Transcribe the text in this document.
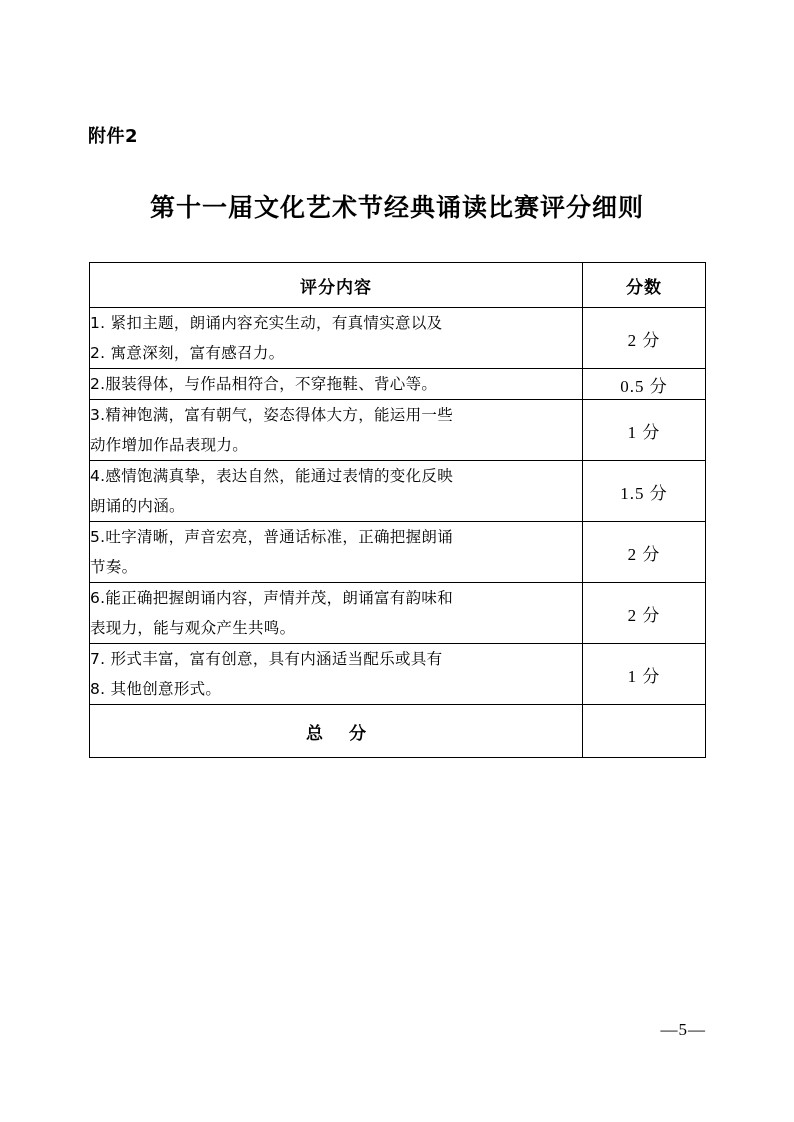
附件2
第十一届文化艺术节经典诵读比赛评分细则
评分内容	分数

1. 紧扣主题，朗诵内容充实生动，有真情实意以及
2. 寓意深刻，富有感召力。	2 分

2.服装得体，与作品相符合，不穿拖鞋、背心等。	0.5 分

3.精神饱满，富有朝气，姿态得体大方，能运用一些
动作增加作品表现力。	1 分

4.感情饱满真挚，表达自然，能通过表情的变化反映
朗诵的内涵。	1.5 分

5.吐字清晰，声音宏亮，普通话标准，正确把握朗诵
节奏。	2 分

6.能正确把握朗诵内容，声情并茂，朗诵富有韵味和
表现力，能与观众产生共鸣。	2 分

7. 形式丰富，富有创意，具有内涵适当配乐或具有
8. 其他创意形式。	1 分
总 分	
—5—
